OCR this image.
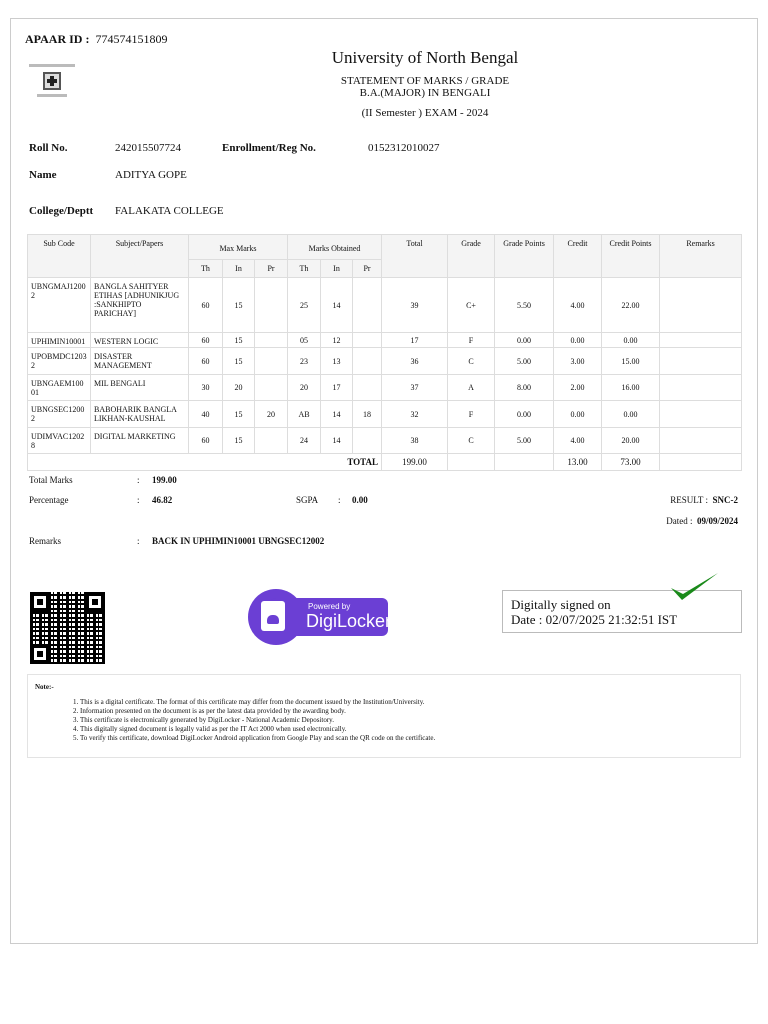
APAAR ID : 774574151809
University of North Bengal
STATEMENT OF MARKS / GRADE
B.A.(MAJOR) IN BENGALI
(II Semester ) EXAM - 2024
Roll No.	242015507724	Enrollment/Reg No.	0152312010027
Name	ADITYA GOPE
College/Deptt FALAKATA COLLEGE
Sub Code	Subject/Papers	Max Marks			Marks Obtained			Total	Grade	Grade Points	Credit	Credit Points	Remarks
		Th	In	Pr	Th	In	Pr						
UBNGMAJ12002	BANGLA SAHITYER ETIHAS [ADHUNIKJUG :SANKHIPTO PARICHAY]	60	15		25	14		39	C+	5.50	4.00	22.00	
UPHIMIN10001	WESTERN LOGIC	60	15		05	12		17	F	0.00	0.00	0.00	
UPOBMDC12032	DISASTER MANAGEMENT	60	15		23	13		36	C	5.00	3.00	15.00	
UBNGAEM10001	MIL BENGALI	30	20		20	17		37	A	8.00	2.00	16.00	
UBNGSEC12002	BABOHARIK BANGLA LIKHAN-KAUSHAL	40	15	20	AB	14	18	32	F	0.00	0.00	0.00	
UDIMVAC12028	DIGITAL MARKETING	60	15		24	14		38	C	5.00	4.00	20.00	
TOTAL								199.00			13.00	73.00	
Total Marks	: 199.00
Percentage	: 46.82	SGPA : 0.00	RESULT : SNC-2
Dated : 09/09/2024
Remarks	: BACK IN UPHIMIN10001 UBNGSEC12002
Powered by
DigiLocker
Digitally signed on
Date : 02/07/2025 21:32:51 IST
Note:-
1. This is a digital certificate. The format of this certificate may differ from the document issued by the Institution/University.
2. Information presented on the document is as per the latest data provided by the awarding body.
3. This certificate is electronically generated by DigiLocker - National Academic Depository.
4. This digitally signed document is legally valid as per the IT Act 2000 when used electronically.
5. To verify this certificate, download DigiLocker Android application from Google Play and scan the QR code on the certificate.
